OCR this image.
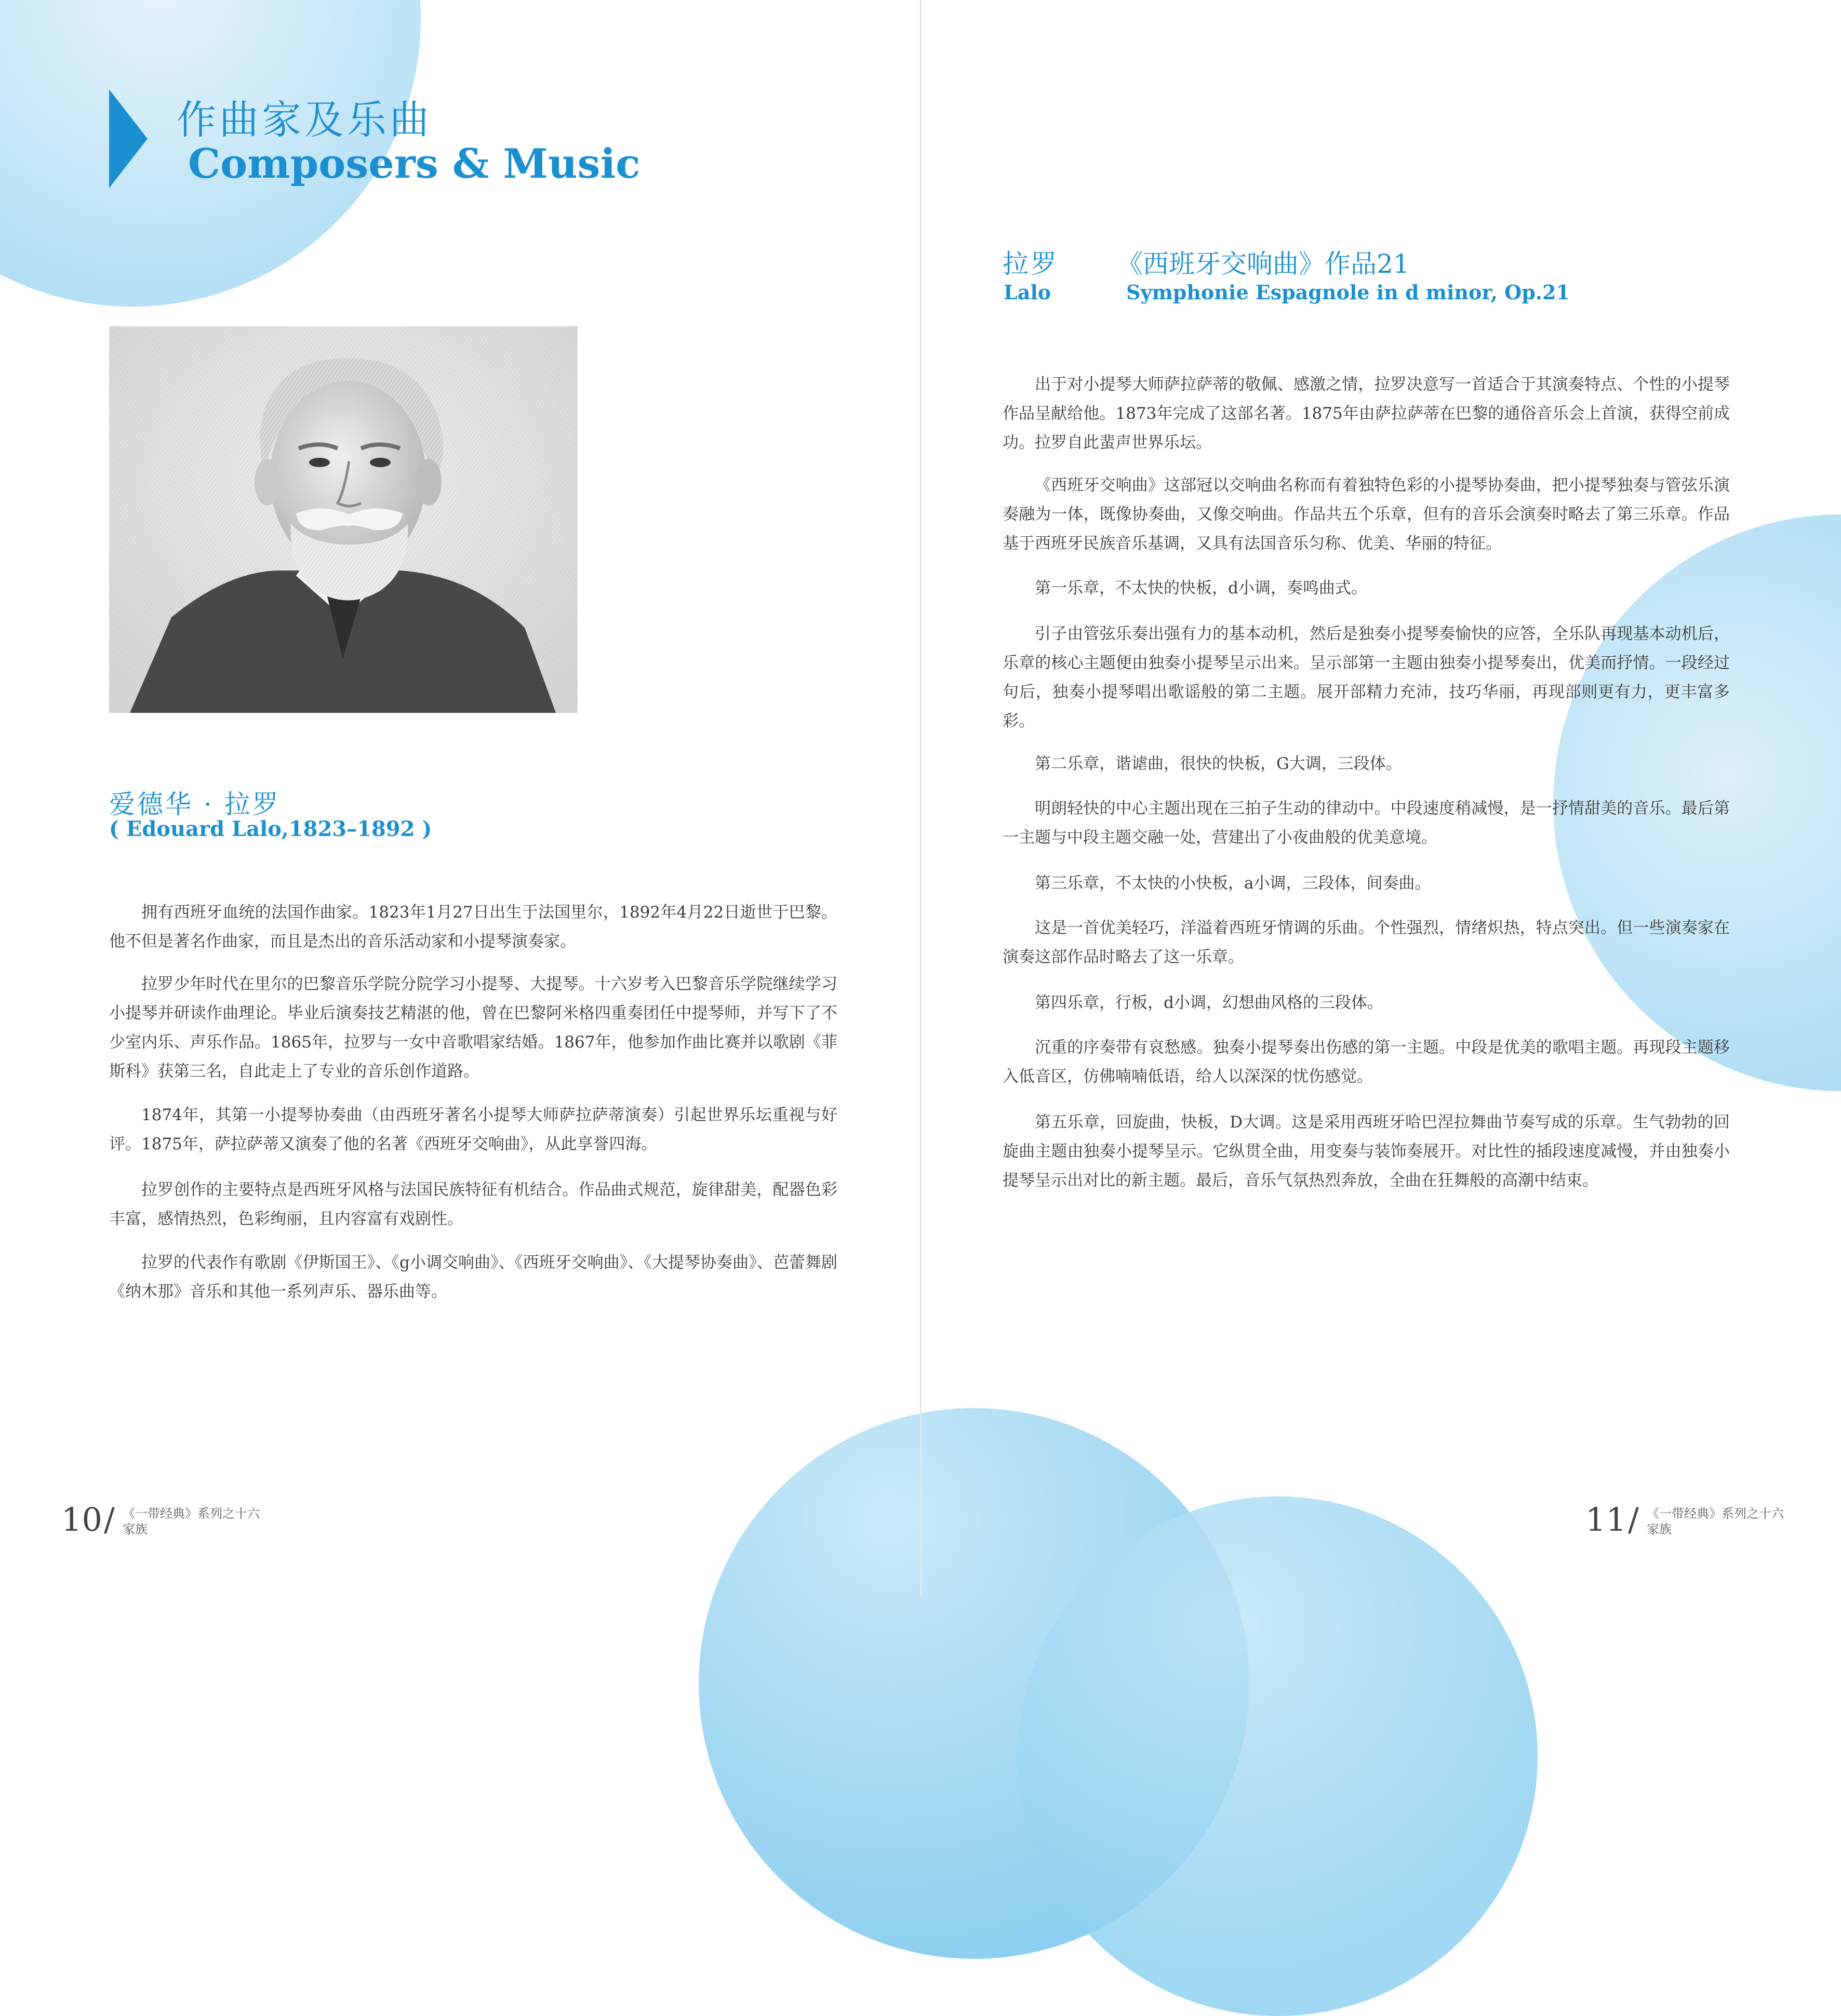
作曲家及乐曲
Composers & Music
爱德华 · 拉罗
( Edouard Lalo,1823–1892 )

拥有西班牙血统的法国作曲家。1823年1月27日出生于法国里尔，1892年4月22日逝世于巴黎。他不但是著名作曲家，而且是杰出的音乐活动家和小提琴演奏家。

拉罗少年时代在里尔的巴黎音乐学院分院学习小提琴、大提琴。十六岁考入巴黎音乐学院继续学习小提琴并研读作曲理论。毕业后演奏技艺精湛的他，曾在巴黎阿米格四重奏团任中提琴师，并写下了不少室内乐、声乐作品。1865年，拉罗与一女中音歌唱家结婚。1867年，他参加作曲比赛并以歌剧《菲斯科》获第三名，自此走上了专业的音乐创作道路。

1874年，其第一小提琴协奏曲（由西班牙著名小提琴大师萨拉萨蒂演奏）引起世界乐坛重视与好评。1875年，萨拉萨蒂又演奏了他的名著《西班牙交响曲》，从此享誉四海。

拉罗创作的主要特点是西班牙风格与法国民族特征有机结合。作品曲式规范，旋律甜美，配器色彩丰富，感情热烈，色彩绚丽，且内容富有戏剧性。

拉罗的代表作有歌剧《伊斯国王》、《g小调交响曲》、《西班牙交响曲》、《大提琴协奏曲》、芭蕾舞剧《纳木那》音乐和其他一系列声乐、器乐曲等。

拉罗 《西班牙交响曲》作品21
Lalo	Symphonie Espagnole in d minor, Op.21

出于对小提琴大师萨拉萨蒂的敬佩、感激之情，拉罗决意写一首适合于其演奏特点、个性的小提琴作品呈献给他。1873年完成了这部名著。1875年由萨拉萨蒂在巴黎的通俗音乐会上首演，获得空前成功。拉罗自此蜚声世界乐坛。

《西班牙交响曲》这部冠以交响曲名称而有着独特色彩的小提琴协奏曲，把小提琴独奏与管弦乐演奏融为一体，既像协奏曲，又像交响曲。作品共五个乐章，但有的音乐会演奏时略去了第三乐章。作品基于西班牙民族音乐基调，又具有法国音乐匀称、优美、华丽的特征。

第一乐章，不太快的快板，d小调，奏鸣曲式。

引子由管弦乐奏出强有力的基本动机，然后是独奏小提琴奏愉快的应答，全乐队再现基本动机后，乐章的核心主题便由独奏小提琴呈示出来。呈示部第一主题由独奏小提琴奏出，优美而抒情。一段经过句后，独奏小提琴唱出歌谣般的第二主题。展开部精力充沛，技巧华丽，再现部则更有力，更丰富多彩。

第二乐章，谐谑曲，很快的快板，G大调，三段体。

明朗轻快的中心主题出现在三拍子生动的律动中。中段速度稍减慢，是一抒情甜美的音乐。最后第一主题与中段主题交融一处，营建出了小夜曲般的优美意境。

第三乐章，不太快的小快板，a小调，三段体，间奏曲。

这是一首优美轻巧，洋溢着西班牙情调的乐曲。个性强烈，情绪炽热，特点突出。但一些演奏家在演奏这部作品时略去了这一乐章。

第四乐章，行板，d小调，幻想曲风格的三段体。

沉重的序奏带有哀愁感。独奏小提琴奏出伤感的第一主题。中段是优美的歌唱主题。再现段主题移入低音区，仿佛喃喃低语，给人以深深的忧伤感觉。

第五乐章，回旋曲，快板，D大调。这是采用西班牙哈巴涅拉舞曲节奏写成的乐章。生气勃勃的回旋曲主题由独奏小提琴呈示。它纵贯全曲，用变奏与装饰奏展开。对比性的插段速度减慢，并由独奏小提琴呈示出对比的新主题。最后，音乐气氛热烈奔放，全曲在狂舞般的高潮中结束。

10 / 《一带经典》系列之十六
家族	11 / 《一带经典》系列之十六
家族
